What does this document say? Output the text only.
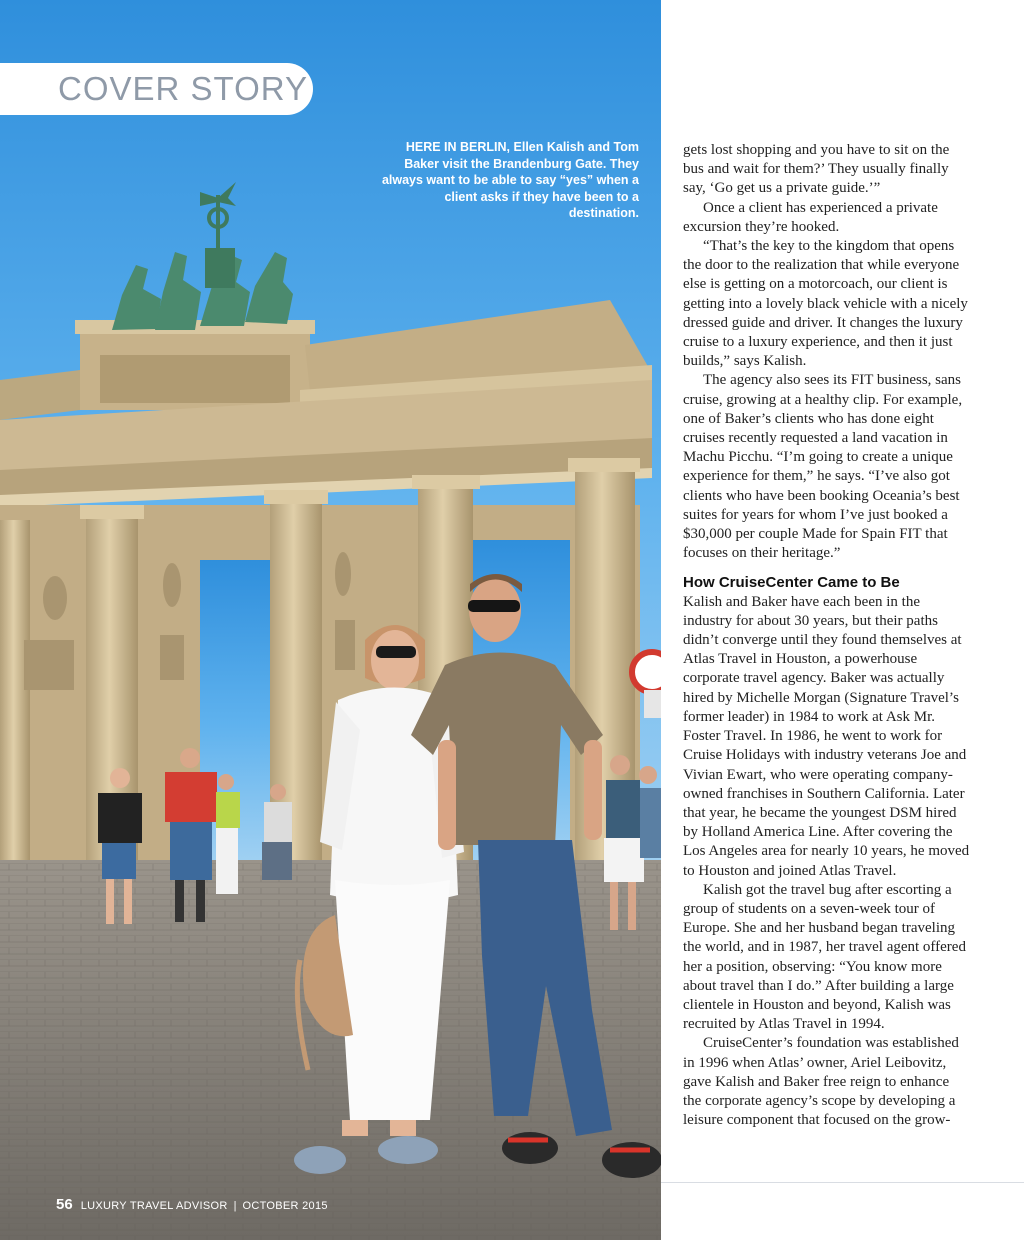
COVER STORY
HERE IN BERLIN, Ellen Kalish and Tom Baker visit the Brandenburg Gate. They always want to be able to say “yes” when a client asks if they have been to a destination.
56 LUXURY TRAVEL ADVISOR | OCTOBER 2015

gets lost shopping and you have to sit on the bus and wait for them?’ They usually finally say, ‘Go get us a private guide.’”

Once a client has experienced a private excursion they’re hooked.

“That’s the key to the kingdom that opens the door to the realization that while everyone else is getting on a motorcoach, our client is getting into a lovely black vehicle with a nicely dressed guide and driver. It changes the luxury cruise to a luxury experience, and then it just builds,” says Kalish.

The agency also sees its FIT business, sans cruise, growing at a healthy clip. For example, one of Baker’s clients who has done eight cruises recently requested a land vacation in Machu Picchu. “I’m going to create a unique experience for them,” he says. “I’ve also got clients who have been booking Oceania’s best suites for years for whom I’ve just booked a $30,000 per couple Made for Spain FIT that focuses on their heritage.”

How CruiseCenter Came to Be

Kalish and Baker have each been in the industry for about 30 years, but their paths didn’t converge until they found themselves at Atlas Travel in Houston, a powerhouse corporate travel agency. Baker was actually hired by Michelle Morgan (Signature Travel’s former leader) in 1984 to work at Ask Mr. Foster Travel. In 1986, he went to work for Cruise Holidays with industry veterans Joe and Vivian Ewart, who were operating company-owned franchises in Southern California. Later that year, he became the youngest DSM hired by Holland America Line. After covering the Los Angeles area for nearly 10 years, he moved to Houston and joined Atlas Travel.

Kalish got the travel bug after escorting a group of students on a seven-week tour of Europe. She and her husband began traveling the world, and in 1987, her travel agent offered her a position, observing: “You know more about travel than I do.” After building a large clientele in Houston and beyond, Kalish was recruited by Atlas Travel in 1994.

CruiseCenter’s foundation was established in 1996 when Atlas’ owner, Ariel Leibovitz, gave Kalish and Baker free reign to enhance the corporate agency’s scope by developing a leisure component that focused on the grow-
